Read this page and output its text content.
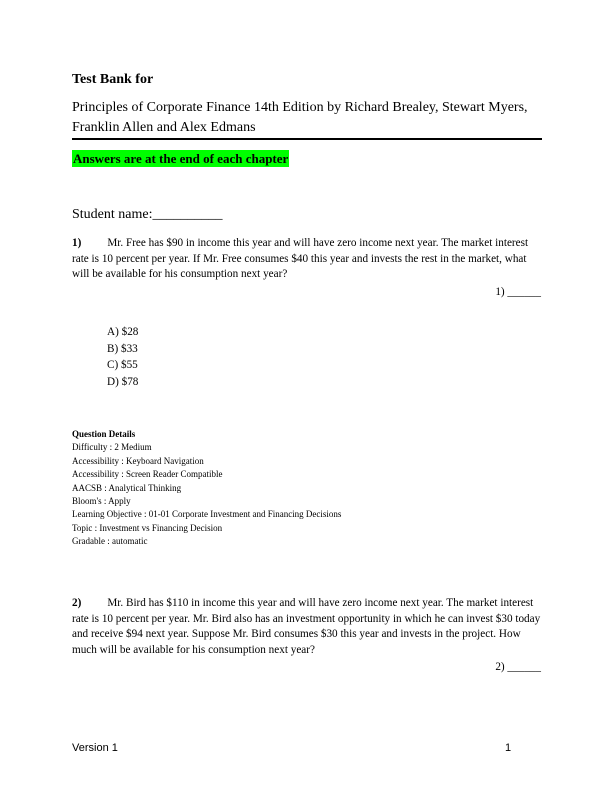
Test Bank for
Principles of Corporate Finance 14th Edition by Richard Brealey, Stewart Myers, Franklin Allen and Alex Edmans
Answers are at the end of each chapter
Student name:__________
1) Mr. Free has $90 in income this year and will have zero income next year. The market interest rate is 10 percent per year. If Mr. Free consumes $40 this year and invests the rest in the market, what will be available for his consumption next year?
1) ______
A) $28
B) $33
C) $55
D) $78
Question Details
Difficulty : 2 Medium
Accessibility : Keyboard Navigation
Accessibility : Screen Reader Compatible
AACSB : Analytical Thinking
Bloom's : Apply
Learning Objective : 01-01 Corporate Investment and Financing Decisions
Topic : Investment vs Financing Decision
Gradable : automatic
2) Mr. Bird has $110 in income this year and will have zero income next year. The market interest rate is 10 percent per year. Mr. Bird also has an investment opportunity in which he can invest $30 today and receive $94 next year. Suppose Mr. Bird consumes $30 this year and invests in the project. How much will be available for his consumption next year?
2) ______
Version 1	1
